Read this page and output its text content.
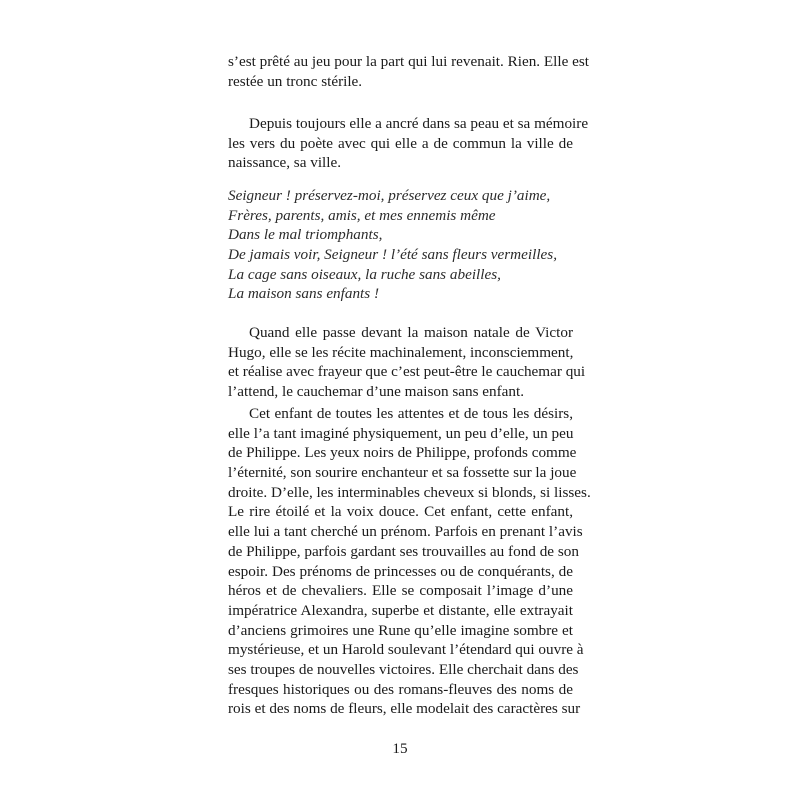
s’est prêté au jeu pour la part qui lui revenait. Rien. Elle est
restée un tronc stérile.
Depuis toujours elle a ancré dans sa peau et sa mémoire
les vers du poète avec qui elle a de commun la ville de
naissance, sa ville.
Seigneur ! préservez-moi, préservez ceux que j’aime,
Frères, parents, amis, et mes ennemis même
Dans le mal triomphants,
De jamais voir, Seigneur ! l’été sans fleurs vermeilles,
La cage sans oiseaux, la ruche sans abeilles,
La maison sans enfants !
Quand elle passe devant la maison natale de Victor
Hugo, elle se les récite machinalement, inconsciemment,
et réalise avec frayeur que c’est peut-être le cauchemar qui
l’attend, le cauchemar d’une maison sans enfant.
Cet enfant de toutes les attentes et de tous les désirs,
elle l’a tant imaginé physiquement, un peu d’elle, un peu
de Philippe. Les yeux noirs de Philippe, profonds comme
l’éternité, son sourire enchanteur et sa fossette sur la joue
droite. D’elle, les interminables cheveux si blonds, si lisses.
Le rire étoilé et la voix douce. Cet enfant, cette enfant,
elle lui a tant cherché un prénom. Parfois en prenant l’avis
de Philippe, parfois gardant ses trouvailles au fond de son
espoir. Des prénoms de princesses ou de conquérants, de
héros et de chevaliers. Elle se composait l’image d’une
impératrice Alexandra, superbe et distante, elle extrayait
d’anciens grimoires une Rune qu’elle imagine sombre et
mystérieuse, et un Harold soulevant l’étendard qui ouvre à
ses troupes de nouvelles victoires. Elle cherchait dans des
fresques historiques ou des romans-fleuves des noms de
rois et des noms de fleurs, elle modelait des caractères sur
15
